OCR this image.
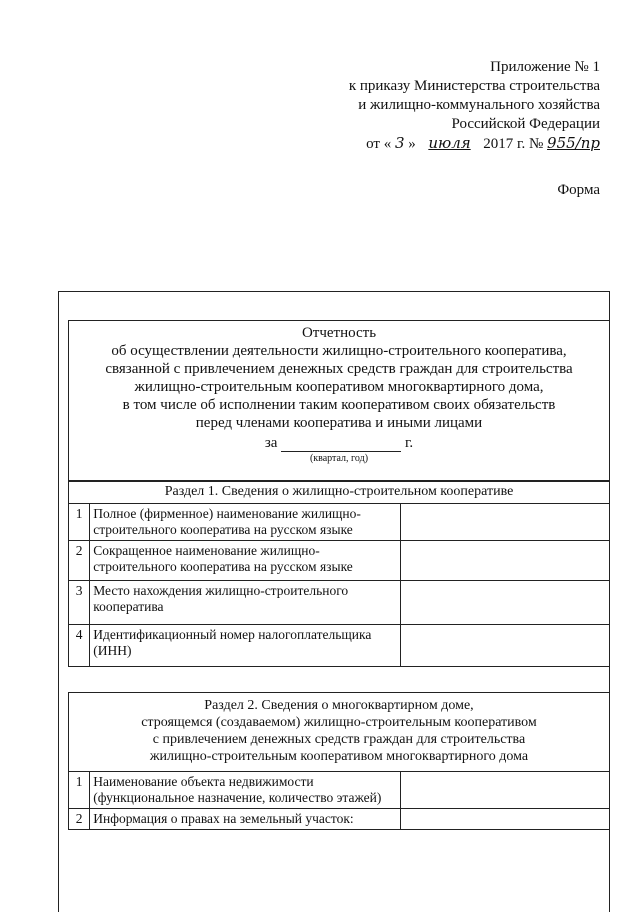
Приложение № 1
к приказу Министерства строительства
и жилищно-коммунального хозяйства
Российской Федерации
от « 3 » июля 2017 г. № 955/пр
Форма
Отчетность
об осуществлении деятельности жилищно-строительного кооператива,
связанной с привлечением денежных средств граждан для строительства
жилищно-строительным кооперативом многоквартирного дома,
в том числе об исполнении таким кооперативом своих обязательств
перед членами кооператива и иными лицами
за	г.
(квартал, год)
Раздел 1. Сведения о жилищно-строительном кооперативе
1	Полное (фирменное) наименование жилищно-строительного кооператива на русском языке	
2	Сокращенное наименование жилищно-строительного кооператива на русском языке	
3	Место нахождения жилищно-строительного кооператива	
4	Идентификационный номер налогоплательщика (ИНН)	
Раздел 2. Сведения о многоквартирном доме,
строящемся (создаваемом) жилищно-строительным кооперативом
с привлечением денежных средств граждан для строительства
жилищно-строительным кооперативом многоквартирного дома
1	Наименование объекта недвижимости (функциональное назначение, количество этажей)	
2	Информация о правах на земельный участок:	
